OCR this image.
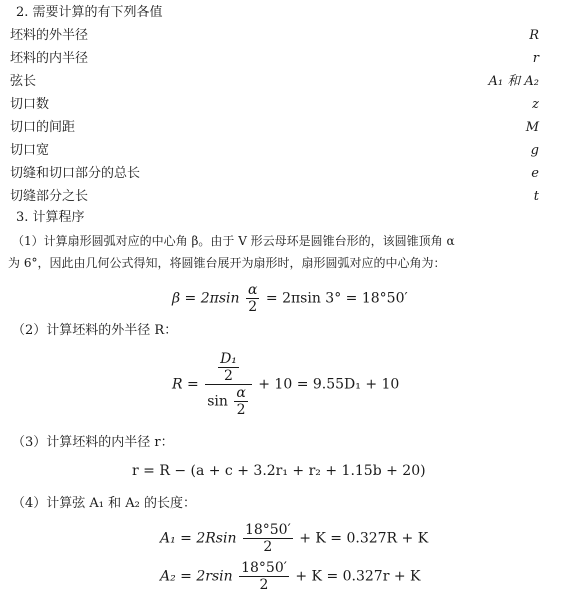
2. 需要计算的有下列各值
坯料的外半径	R
坯料的内半径	r
弦长	A₁ 和 A₂
切口数	z
切口的间距	M
切口宽	g
切缝和切口部分的总长	e
切缝部分之长	t
3. 计算程序
（1）计算扇形圆弧对应的中心角 β。由于 V 形云母环是圆锥台形的，该圆锥顶角 α
为 6°，因此由几何公式得知，将圆锥台展开为扇形时，扇形圆弧对应的中心角为：
$\beta = 2\pi\sin \frac{\alpha}{2} = 2\pi\sin$ 3° = 18°50′
（2）计算坯料的外半径 R：
$R = \frac{\frac{\text{D₁}}{2}}{\sin \frac{\alpha}{2}} + 10 = 9.55D_1 + 10$
（3）计算坯料的内半径 r：
r = R − (a + c + 3.2r₁ + r₂ + 1.15b + 20)
（4）计算弦 A₁ 和 A₂ 的长度：
$A_1 = 2Rsin \frac{18^\circ 50'}{2} + K = 0.327R + K$
$A_2 = 2rsin \frac{18^\circ 50'}{2} + K = 0.327r + K$
